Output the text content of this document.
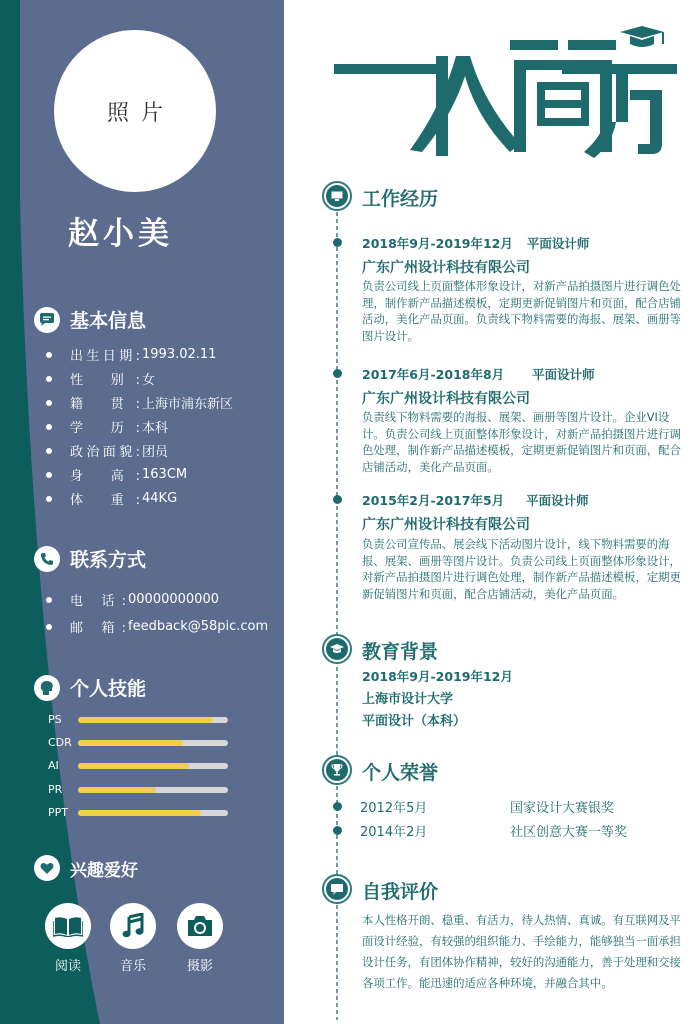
照片
赵小美
基本信息
出生日期: 1993.02.11
性 别: 女
籍 贯: 上海市浦东新区
学 历: 本科
政治面貌: 团员
身 高: 163CM
体 重: 44KG
联系方式
电 话: 00000000000
邮 箱: feedback@58pic.com
个人技能
PS
CDR
AI
PR
PPT
兴趣爱好
阅读	音乐	摄影
工作经历
2018年9月-2019年12月 平面设计师
广东广州设计科技有限公司
负责公司线上页面整体形象设计，对新产品拍摄图片进行调色处理，制作新产品描述模板，定期更新促销图片和页面，配合店铺活动，美化产品页面。负责线下物料需要的海报、展架、画册等图片设计。
2017年6月-2018年8月 平面设计师
广东广州设计科技有限公司
负责线下物料需要的海报、展架、画册等图片设计。企业VI设计。负责公司线上页面整体形象设计，对新产品拍摄图片进行调色处理，制作新产品描述模板，定期更新促销图片和页面，配合店铺活动，美化产品页面。
2015年2月-2017年5月 平面设计师
广东广州设计科技有限公司
负责公司宣传品、展会线下活动图片设计，线下物料需要的海报、展架、画册等图片设计。负责公司线上页面整体形象设计，对新产品拍摄图片进行调色处理，制作新产品描述模板，定期更新促销图片和页面，配合店铺活动，美化产品页面。
教育背景
2018年9月-2019年12月
上海市设计大学
平面设计（本科）
个人荣誉
2012年5月	国家设计大赛银奖
2014年2月	社区创意大赛一等奖
自我评价
本人性格开朗、稳重、有活力，待人热情、真诚。有互联网及平面设计经验，有较强的组织能力、手绘能力，能够独当一面承担设计任务，有团体协作精神，较好的沟通能力，善于处理和交接各项工作。能迅速的适应各种环境，并融合其中。
